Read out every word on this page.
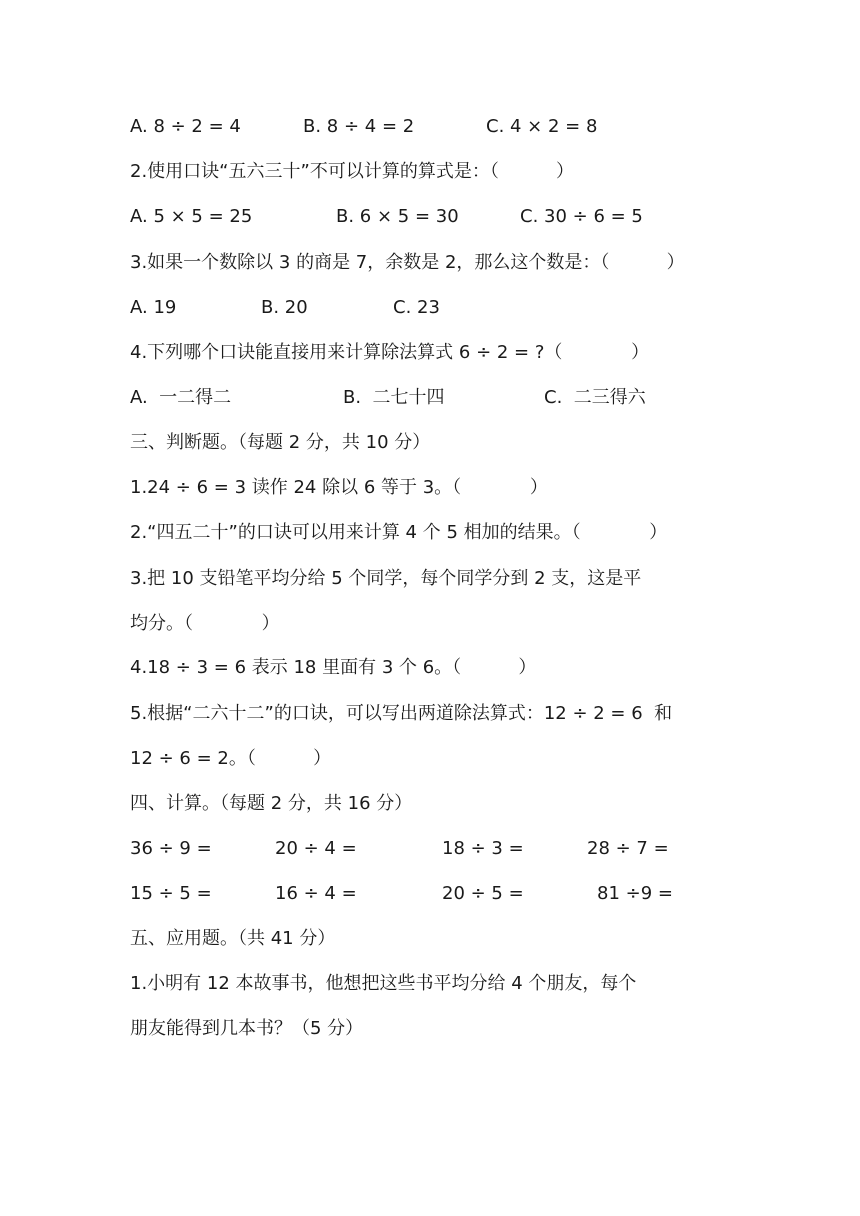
A. 8 ÷ 2 = 4	B. 8 ÷ 4 = 2	C. 4 × 2 = 8
2.使用口诀“五六三十”不可以计算的算式是：（          ）
A. 5 × 5 = 25	B. 6 × 5 = 30	C. 30 ÷ 6 = 5
3.如果一个数除以 3 的商是 7，余数是 2，那么这个数是：（          ）
A. 19	B. 20	C. 23
4.下列哪个口诀能直接用来计算除法算式 6 ÷ 2 = ?（            ）
A.  一二得二	B.  二七十四	C.  二三得六
三、判断题。（每题 2 分，共 10 分）
1.24 ÷ 6 = 3 读作 24 除以 6 等于 3。（            ）
2.“四五二十”的口诀可以用来计算 4 个 5 相加的结果。（            ）
3.把 10 支铅笔平均分给 5 个同学，每个同学分到 2 支，这是平
均分。（            ）
4.18 ÷ 3 = 6 表示 18 里面有 3 个 6。（          ）
5.根据“二六十二”的口诀，可以写出两道除法算式：12 ÷ 2 = 6  和
12 ÷ 6 = 2。（          ）
四、计算。（每题 2 分，共 16 分）
36 ÷ 9 =	20 ÷ 4 =	18 ÷ 3 =	28 ÷ 7 =
15 ÷ 5 =	16 ÷ 4 =	20 ÷ 5 =	81 ÷9 =
五、应用题。（共 41 分）
1.小明有 12 本故事书，他想把这些书平均分给 4 个朋友，每个
朋友能得到几本书？（5 分）
